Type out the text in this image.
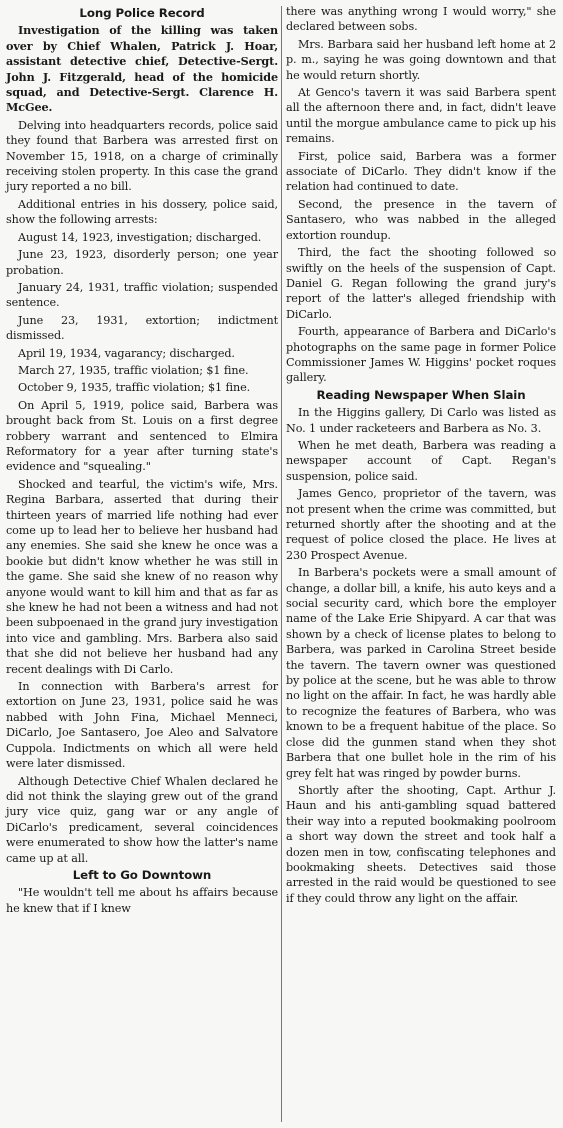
Long Police Record

Investigation of the killing was taken over by Chief Whalen, Patrick J. Hoar, assistant detective chief, Detective-Sergt. John J. Fitzgerald, head of the homicide squad, and Detective-Sergt. Clarence H. McGee.

Delving into headquarters records, police said they found that Barbera was arrested first on November 15, 1918, on a charge of criminally receiving stolen property. In this case the grand jury reported a no bill.

Additional entries in his dossery, police said, show the following arrests:

August 14, 1923, investigation; discharged.

June 23, 1923, disorderly person; one year probation.

January 24, 1931, traffic violation; suspended sentence.

June 23, 1931, extortion; indictment dismissed.

April 19, 1934, vagarancy; discharged.

March 27, 1935, traffic violation; $1 fine.

October 9, 1935, traffic violation; $1 fine.

On April 5, 1919, police said, Barbera was brought back from St. Louis on a first degree robbery warrant and sentenced to Elmira Reformatory for a year after turning state's evidence and "squealing."

Shocked and tearful, the victim's wife, Mrs. Regina Barbara, asserted that during their thirteen years of married life nothing had ever come up to lead her to believe her husband had any enemies. She said she knew he once was a bookie but didn't know whether he was still in the game. She said she knew of no reason why anyone would want to kill him and that as far as she knew he had not been a witness and had not been subpoenaed in the grand jury investigation into vice and gambling. Mrs. Barbera also said that she did not believe her husband had any recent dealings with Di Carlo.

In connection with Barbera's arrest for extortion on June 23, 1931, police said he was nabbed with John Fina, Michael Menneci, DiCarlo, Joe Santasero, Joe Aleo and Salvatore Cuppola. Indictments on which all were held were later dismissed.

Although Detective Chief Whalen declared he did not think the slaying grew out of the grand jury vice quiz, gang war or any angle of DiCarlo's predicament, several coincidences were enumerated to show how the latter's name came up at all.

Left to Go Downtown

"He wouldn't tell me about hs affairs because he knew that if I knew

there was anything wrong I would worry," she declared between sobs.

Mrs. Barbara said her husband left home at 2 p. m., saying he was going downtown and that he would return shortly.

At Genco's tavern it was said Barbera spent all the afternoon there and, in fact, didn't leave until the morgue ambulance came to pick up his remains.

First, police said, Barbera was a former associate of DiCarlo. They didn't know if the relation had continued to date.

Second, the presence in the tavern of Santasero, who was nabbed in the alleged extortion roundup.

Third, the fact the shooting followed so swiftly on the heels of the suspension of Capt. Daniel G. Regan following the grand jury's report of the latter's alleged friendship with DiCarlo.

Fourth, appearance of Barbera and DiCarlo's photographs on the same page in former Police Commissioner James W. Higgins' pocket roques gallery.

Reading Newspaper When Slain

In the Higgins gallery, Di Carlo was listed as No. 1 under racketeers and Barbera as No. 3.

When he met death, Barbera was reading a newspaper account of Capt. Regan's suspension, police said.

James Genco, proprietor of the tavern, was not present when the crime was committed, but returned shortly after the shooting and at the request of police closed the place. He lives at 230 Prospect Avenue.

In Barbera's pockets were a small amount of change, a dollar bill, a knife, his auto keys and a social security card, which bore the employer name of the Lake Erie Shipyard. A car that was shown by a check of license plates to belong to Barbera, was parked in Carolina Street beside the tavern. The tavern owner was questioned by police at the scene, but he was able to throw no light on the affair. In fact, he was hardly able to recognize the features of Barbera, who was known to be a frequent habitue of the place. So close did the gunmen stand when they shot Barbera that one bullet hole in the rim of his grey felt hat was ringed by powder burns.

Shortly after the shooting, Capt. Arthur J. Haun and his anti-gambling squad battered their way into a reputed bookmaking poolroom a short way down the street and took half a dozen men in tow, confiscating telephones and bookmaking sheets. Detectives said those arrested in the raid would be questioned to see if they could throw any light on the affair.
